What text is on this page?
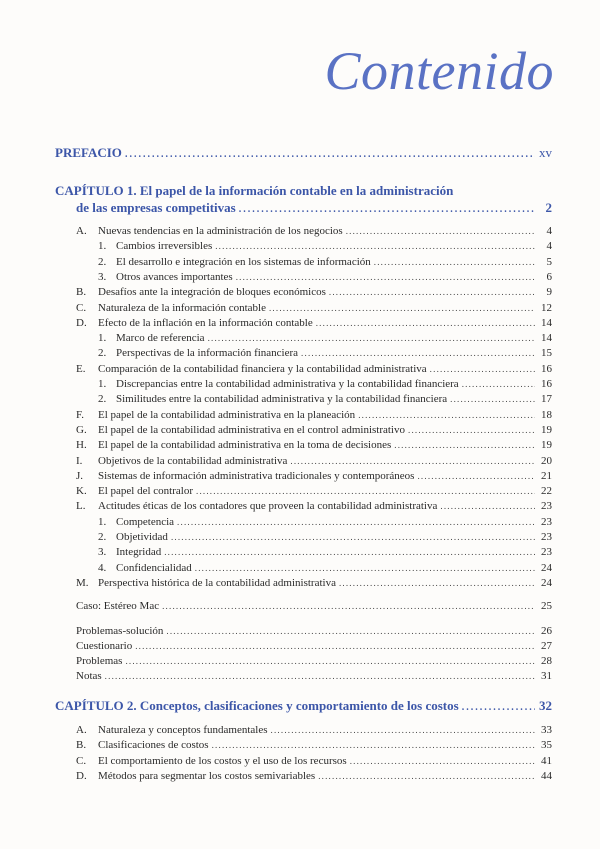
Contenido
PREFACIO .....	xv
CAPÍTULO 1. El papel de la información contable en la administración
de las empresas competitivas .....	2
A. Nuevas tendencias en la administración de los negocios .....	4
1. Cambios irreversibles .....	4
2. El desarrollo e integración en los sistemas de información .....	5
3. Otros avances importantes .....	6
B. Desafíos ante la integración de bloques económicos .....	9
C. Naturaleza de la información contable .....	12
D. Efecto de la inflación en la información contable .....	14
1. Marco de referencia .....	14
2. Perspectivas de la información financiera .....	15
E. Comparación de la contabilidad financiera y la contabilidad administrativa .....	16
1. Discrepancias entre la contabilidad administrativa y la contabilidad financiera .....	16
2. Similitudes entre la contabilidad administrativa y la contabilidad financiera .....	17
F. El papel de la contabilidad administrativa en la planeación .....	18
G. El papel de la contabilidad administrativa en el control administrativo .....	19
H. El papel de la contabilidad administrativa en la toma de decisiones .....	19
I. Objetivos de la contabilidad administrativa .....	20
J. Sistemas de información administrativa tradicionales y contemporáneos .....	21
K. El papel del contralor .....	22
L. Actitudes éticas de los contadores que proveen la contabilidad administrativa .....	23
1. Competencia .....	23
2. Objetividad .....	23
3. Integridad .....	23
4. Confidencialidad .....	24
M. Perspectiva histórica de la contabilidad administrativa .....	24
Caso: Estéreo Mac .....	25
Problemas-solución .....	26
Cuestionario .....	27
Problemas .....	28
Notas .....	31
CAPÍTULO 2. Conceptos, clasificaciones y comportamiento de los costos .....	32
A. Naturaleza y conceptos fundamentales .....	33
B. Clasificaciones de costos .....	35
C. El comportamiento de los costos y el uso de los recursos .....	41
D. Métodos para segmentar los costos semivariables .....	44
